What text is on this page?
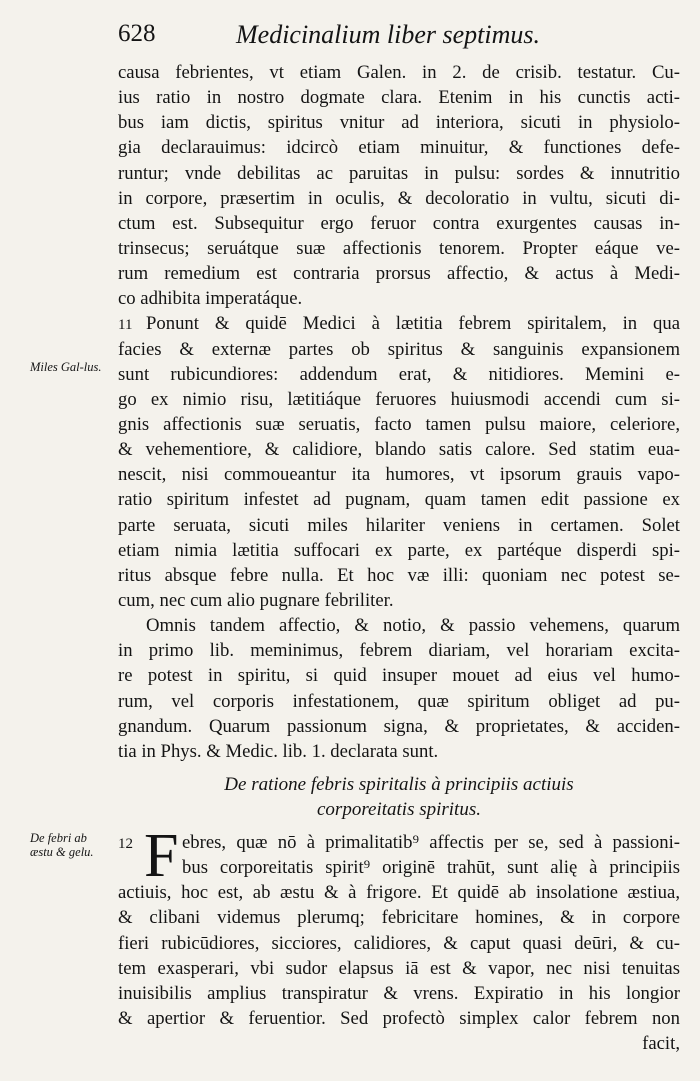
628	Medicinalium liber septimus.
Miles Gal-lus.
De febri ab æstu & gelu.
causa febrientes, vt etiam Galen. in 2. de crisib. testatur. Cu-
ius ratio in nostro dogmate clara. Etenim in his cunctis acti-
bus iam dictis, spiritus vnitur ad interiora, sicuti in physiolo-
gia declarauimus: idcircò etiam minuitur, & functiones defe-
runtur; vnde debilitas ac paruitas in pulsu: sordes & innutritio
in corpore, præsertim in oculis, & decoloratio in vultu, sicuti di-
ctum est. Subsequitur ergo feruor contra exurgentes causas in-
trinsecus; seruátque suæ affectionis tenorem. Propter eáque ve-
rum remedium est contraria prorsus affectio, & actus à Medi-
co adhibita imperatáque.
11 Ponunt & quidē Medici à lætitia febrem spiritalem, in qua
facies & externæ partes ob spiritus & sanguinis expansionem
sunt rubicundiores: addendum erat, & nitidiores. Memini e-
go ex nimio risu, lætitiáque feruores huiusmodi accendi cum si-
gnis affectionis suæ seruatis, facto tamen pulsu maiore, celeriore,
& vehementiore, & calidiore, blando satis calore. Sed statim eua-
nescit, nisi commoueantur ita humores, vt ipsorum grauis vapo-
ratio spiritum infestet ad pugnam, quam tamen edit passione ex
parte seruata, sicuti miles hilariter veniens in certamen. Solet
etiam nimia lætitia suffocari ex parte, ex partéque disperdi spi-
ritus absque febre nulla. Et hoc væ illi: quoniam nec potest se-
cum, nec cum alio pugnare febriliter.
Omnis tandem affectio, & notio, & passio vehemens, quarum
in primo lib. meminimus, febrem diariam, vel horariam excita-
re potest in spiritu, si quid insuper mouet ad eius vel humo-
rum, vel corporis infestationem, quæ spiritum obliget ad pu-
gnandum. Quarum passionum signa, & proprietates, & acciden-
tia in Phys. & Medic. lib. 1. declarata sunt.
De ratione febris spiritalis à principiis actiuis
corporeitatis spiritus.
F
12	ebres, quæ nō à primalitatib⁹ affectis per se, sed à passioni-
bus corporeitatis spirit⁹ originē trahūt, sunt alię à principiis
actiuis, hoc est, ab æstu & à frigore. Et quidē ab insolatione æstiua,
& clibani videmus plerumq; febricitare homines, & in corpore
fieri rubicūdiores, sicciores, calidiores, & caput quasi deūri, & cu-
tem exasperari, vbi sudor elapsus iā est & vapor, nec nisi tenuitas
inuisibilis amplius transpiratur & vrens. Expiratio in his longior
& apertior & feruentior. Sed profectò simplex calor febrem non
facit,
